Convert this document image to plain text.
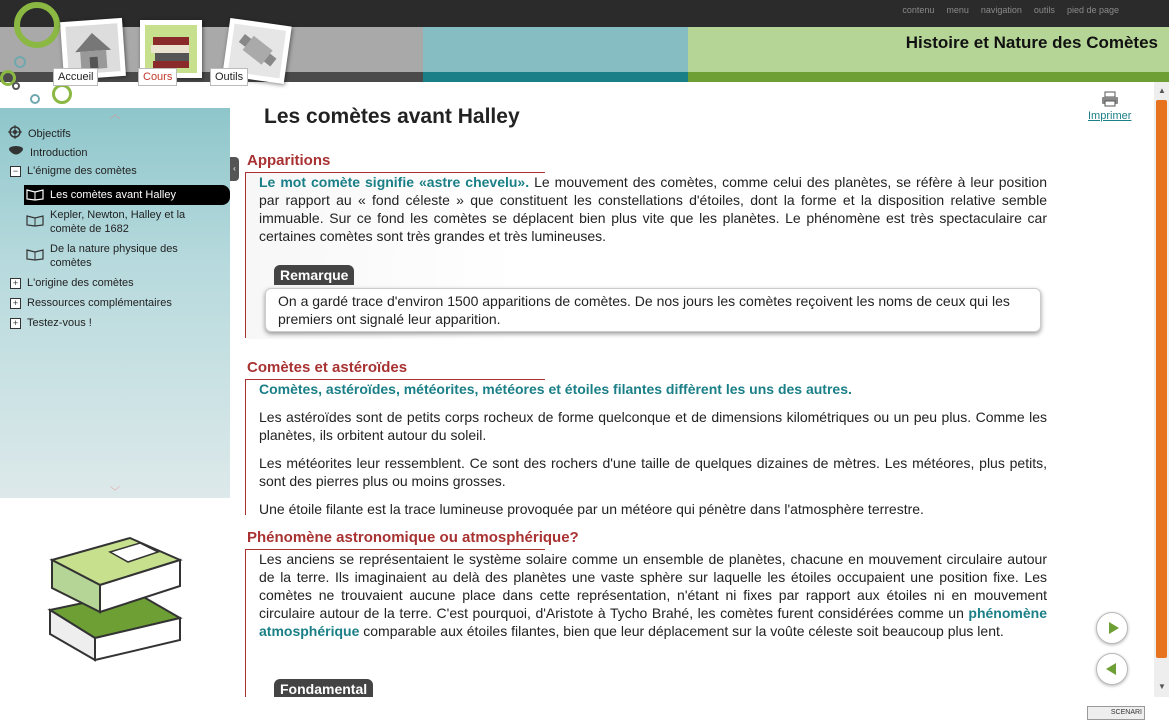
contenu menu navigation outils pied de page
Histoire et Nature des Comètes
Accueil	Cours	Outils
︿
Objectifs
Introduction
− L'énigme des comètes
Les comètes avant Halley
Kepler, Newton, Halley et la comète de 1682
De la nature physique des comètes
+ L'origine des comètes
+ Ressources complémentaires
+ Testez-vous !
﹀
‹
Les comètes avant Halley	Imprimer
Apparitions
Le mot comète signifie «astre chevelu». Le mouvement des comètes, comme celui des planètes, se réfère à leur position par rapport au « fond céleste » que constituent les constellations d'étoiles, dont la forme et la disposition relative semble immuable. Sur ce fond les comètes se déplacent bien plus vite que les planètes. Le phénomène est très spectaculaire car certaines comètes sont très grandes et très lumineuses.
Remarque
On a gardé trace d'environ 1500 apparitions de comètes. De nos jours les comètes reçoivent les noms de ceux qui les premiers ont signalé leur apparition.
Comètes et astéroïdes
Comètes, astéroïdes, météorites, météores et étoiles filantes diffèrent les uns des autres.
Les astéroïdes sont de petits corps rocheux de forme quelconque et de dimensions kilométriques ou un peu plus. Comme les planètes, ils orbitent autour du soleil.
Les météorites leur ressemblent. Ce sont des rochers d'une taille de quelques dizaines de mètres. Les météores, plus petits, sont des pierres plus ou moins grosses.
Une étoile filante est la trace lumineuse provoquée par un météore qui pénètre dans l'atmosphère terrestre.
Phénomène astronomique ou atmosphérique?
Les anciens se représentaient le système solaire comme un ensemble de planètes, chacune en mouvement circulaire autour de la terre. Ils imaginaient au delà des planètes une vaste sphère sur laquelle les étoiles occupaient une position fixe. Les comètes ne trouvaient aucune place dans cette représentation, n'étant ni fixes par rapport aux étoiles ni en mouvement circulaire autour de la terre. C'est pourquoi, d'Aristote à Tycho Brahé, les comètes furent considérées comme un phénomène atmosphérique comparable aux étoiles filantes, bien que leur déplacement sur la voûte céleste soit beaucoup plus lent.
Fondamental
▲
▼
SCENARI
